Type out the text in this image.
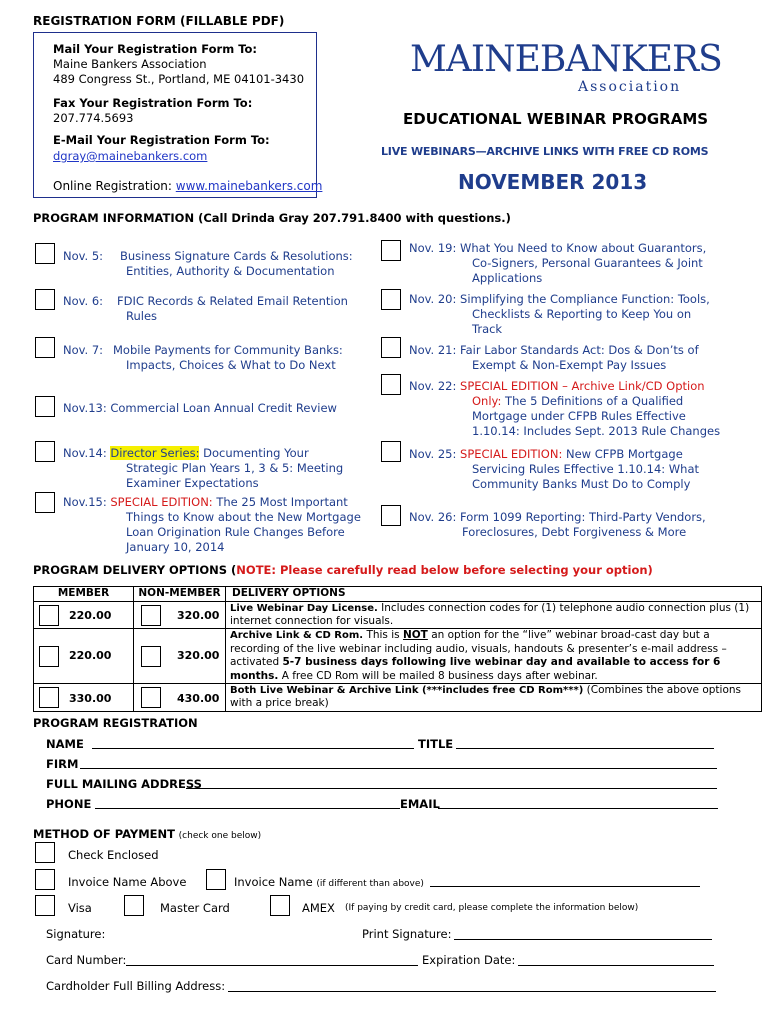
REGISTRATION FORM (FILLABLE PDF)
Mail Your Registration Form To:
Maine Bankers Association
489 Congress St., Portland, ME 04101-3430
Fax Your Registration Form To:
207.774.5693
E-Mail Your Registration Form To:
dgray@mainebankers.com
Online Registration: www.mainebankers.com
MAINEBANKERS
Association
EDUCATIONAL WEBINAR PROGRAMS
LIVE WEBINARS—ARCHIVE LINKS WITH FREE CD ROMS
NOVEMBER 2013
PROGRAM INFORMATION (Call Drinda Gray 207.791.8400 with questions.)
Nov. 5: Business Signature Cards & Resolutions:
Entities, Authority & Documentation
Nov. 6: FDIC Records & Related Email Retention
Rules
Nov. 7: Mobile Payments for Community Banks:
Impacts, Choices & What to Do Next
Nov.13: Commercial Loan Annual Credit Review
Nov.14: Director Series: Documenting Your
Strategic Plan Years 1, 3 & 5: Meeting
Examiner Expectations
Nov.15: SPECIAL EDITION: The 25 Most Important
Things to Know about the New Mortgage
Loan Origination Rule Changes Before
January 10, 2014
Nov. 19: What You Need to Know about Guarantors,
Co-Signers, Personal Guarantees & Joint
Applications
Nov. 20: Simplifying the Compliance Function: Tools,
Checklists & Reporting to Keep You on
Track
Nov. 21: Fair Labor Standards Act: Dos & Don’ts of
Exempt & Non-Exempt Pay Issues
Nov. 22: SPECIAL EDITION – Archive Link/CD Option
Only: The 5 Definitions of a Qualified
Mortgage under CFPB Rules Effective
1.10.14: Includes Sept. 2013 Rule Changes
Nov. 25: SPECIAL EDITION: New CFPB Mortgage
Servicing Rules Effective 1.10.14: What
Community Banks Must Do to Comply
Nov. 26: Form 1099 Reporting: Third-Party Vendors,
Foreclosures, Debt Forgiveness & More
PROGRAM DELIVERY OPTIONS (NOTE: Please carefully read below before selecting your option)
MEMBER	NON-MEMBER	DELIVERY OPTIONS

220.00	320.00	Live Webinar Day License. Includes connection codes for (1) telephone audio connection plus (1) internet connection for visuals.

220.00	320.00	Archive Link & CD Rom. This is NOT an option for the “live” webinar broad-cast day but a recording of the live webinar including audio, visuals, handouts & presenter’s e-mail address – activated 5-7 business days following live webinar day and available to access for 6 months. A free CD Rom will be mailed 8 business days after webinar.

330.00	430.00	Both Live Webinar & Archive Link (***includes free CD Rom***) (Combines the above options with a price break)
PROGRAM REGISTRATION
NAME	TITLE
FIRM
FULL MAILING ADDRESS
PHONE	EMAIL
METHOD OF PAYMENT (check one below)
Check Enclosed
Invoice Name Above	Invoice Name (if different than above)
Visa	Master Card	AMEX (If paying by credit card, please complete the information below)
Signature:	Print Signature:
Card Number:	Expiration Date:
Cardholder Full Billing Address:
